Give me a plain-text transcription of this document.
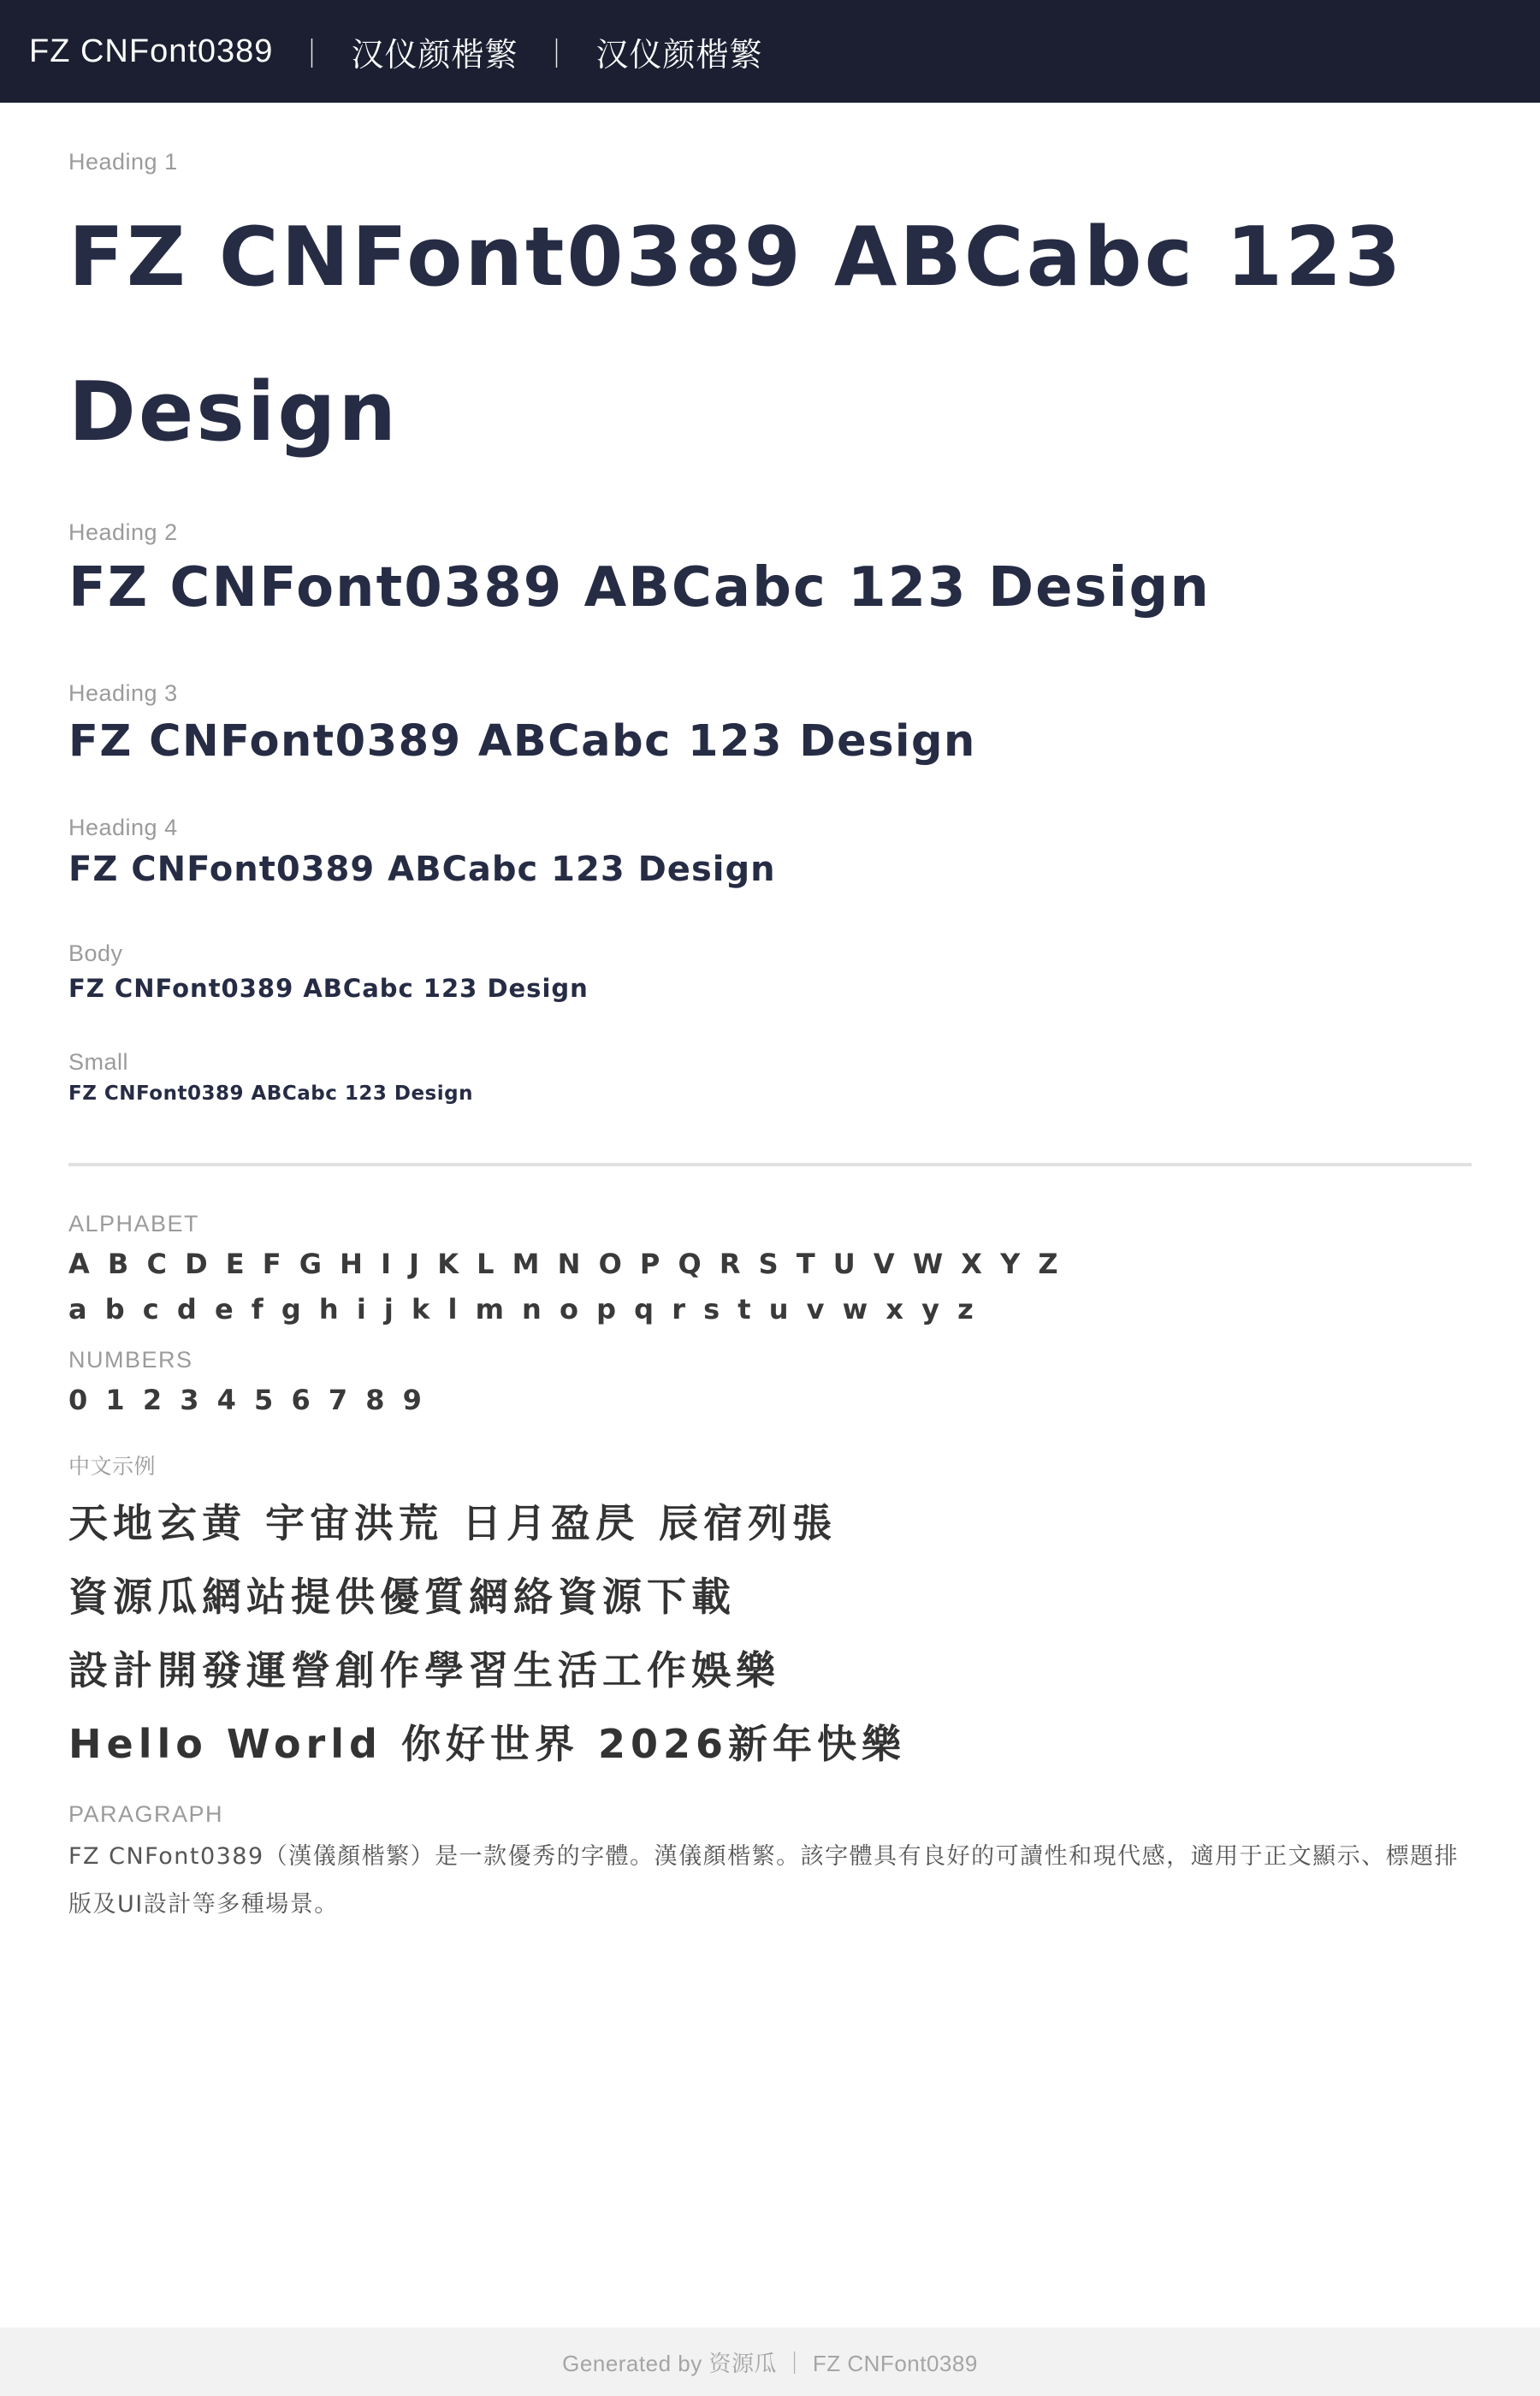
FZ CNFont0389 ｜ 汉仪颜楷繁 ｜ 汉仪颜楷繁
Heading 1
FZ CNFont0389 ABCabc 123 Design
Heading 2
FZ CNFont0389 ABCabc 123 Design
Heading 3
FZ CNFont0389 ABCabc 123 Design
Heading 4
FZ CNFont0389 ABCabc 123 Design
Body
FZ CNFont0389 ABCabc 123 Design
Small
FZ CNFont0389 ABCabc 123 Design
ALPHABET
A B C D E F G H I J K L M N O P Q R S T U V W X Y Z
a b c d e f g h i j k l m n o p q r s t u v w x y z
NUMBERS
0 1 2 3 4 5 6 7 8 9
中文示例
天地玄黄 宇宙洪荒 日月盈昃 辰宿列張
資源瓜網站提供優質網絡資源下載
設計開發運營創作學習生活工作娛樂
Hello World 你好世界 2026新年快樂
PARAGRAPH

FZ CNFont0389（漢儀顏楷繁）是一款優秀的字體。漢儀顏楷繁。該字體具有良好的可讀性和現代感，適用于正文顯示、標題排版及UI設計等多種場景。

Generated by 资源瓜 ｜ FZ CNFont0389
